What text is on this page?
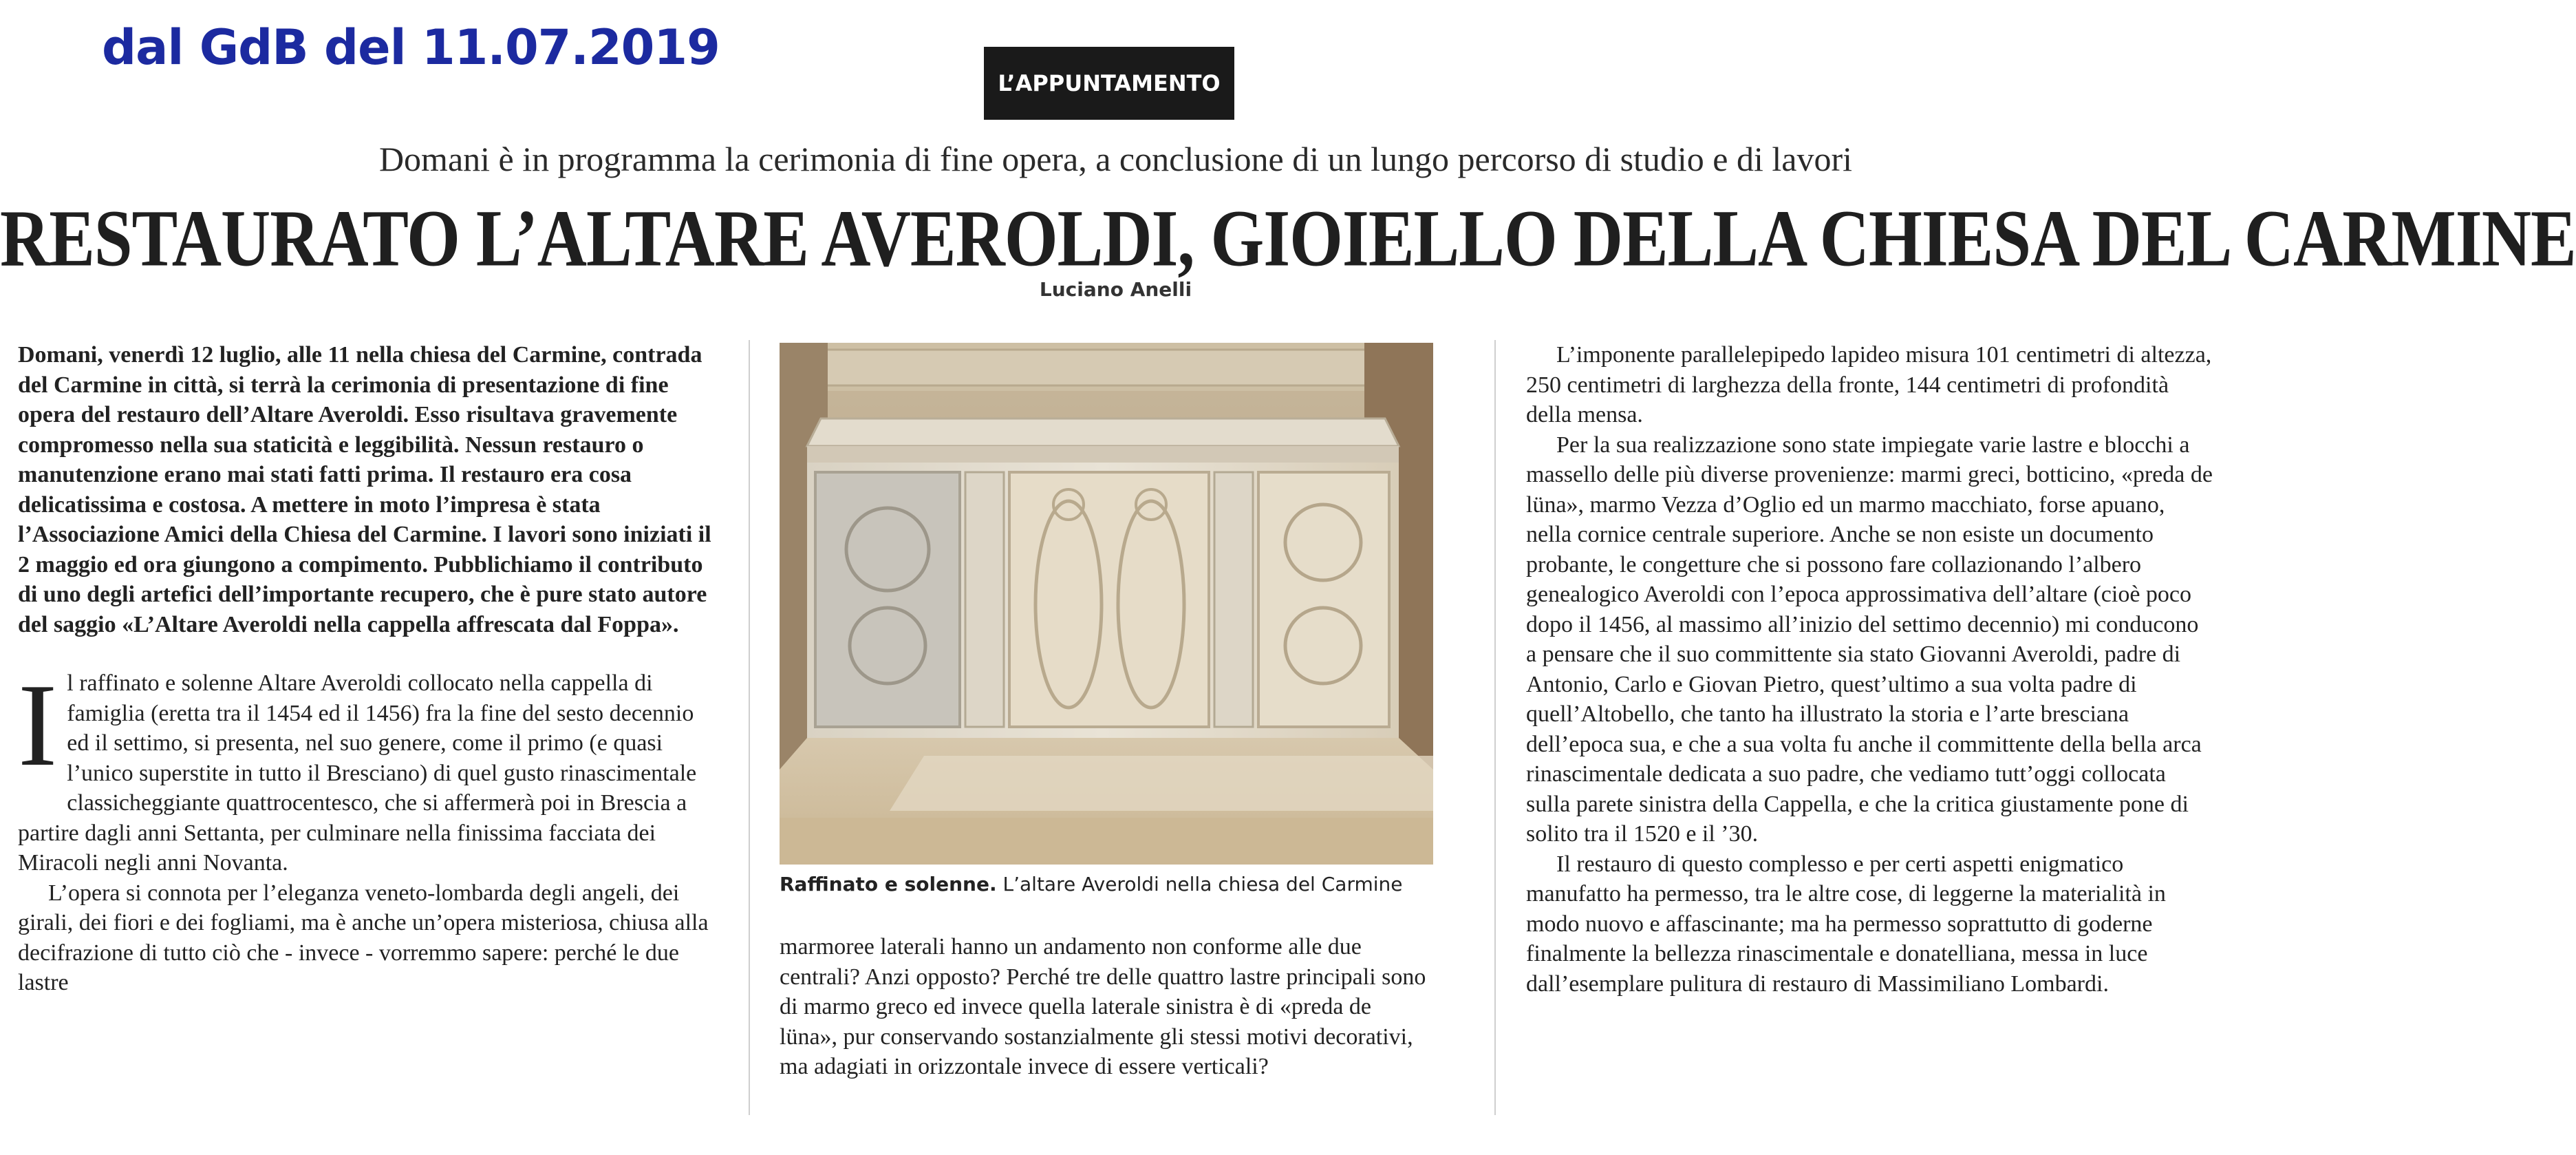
dal GdB del 11.07.2019
L’APPUNTAMENTO
Domani è in programma la cerimonia di fine opera, a conclusione di un lungo percorso di studio e di lavori
RESTAURATO L’ALTARE AVEROLDI, GIOIELLO DELLA CHIESA DEL CARMINE
Luciano Anelli

Domani, venerdì 12 luglio, alle 11 nella chiesa del Carmine, contrada del Carmine in città, si terrà la cerimonia di presentazione di fine opera del restauro dell’Altare Averoldi. Esso risultava gravemente compromesso nella sua staticità e leggibilità. Nessun restauro o manutenzione erano mai stati fatti prima. Il restauro era cosa delicatissima e costosa. A mettere in moto l’impresa è stata l’Associazione Amici della Chiesa del Carmine. I lavori sono iniziati il 2 maggio ed ora giungono a compimento. Pubblichiamo il contributo di uno degli artefici dell’importante recupero, che è pure stato autore del saggio «L’Altare Averoldi nella cappella affrescata dal Foppa».

I l raffinato e solenne Altare Averoldi collocato nella cappella di famiglia (eretta tra il 1454 ed il 1456) fra la fine del sesto decennio ed il settimo, si presenta, nel suo genere, come il primo (e quasi l’unico superstite in tutto il Bresciano) di quel gusto rinascimentale classicheggiante quattrocentesco, che si affermerà poi in Brescia a partire dagli anni Settanta, per culminare nella finissima facciata dei Miracoli negli anni Novanta.

L’opera si connota per l’eleganza veneto-lombarda degli angeli, dei girali, dei fiori e dei fogliami, ma è anche un’opera misteriosa, chiusa alla decifrazione di tutto ciò che - invece - vorremmo sapere: perché le due lastre

Raffinato e solenne. L’altare Averoldi nella chiesa del Carmine

marmoree laterali hanno un andamento non conforme alle due centrali? Anzi opposto? Perché tre delle quattro lastre principali sono di marmo greco ed invece quella laterale sinistra è di «preda de lüna», pur conservando sostanzialmente gli stessi motivi decorativi, ma adagiati in orizzontale invece di essere verticali?

L’imponente parallelepipedo lapideo misura 101 centimetri di altezza, 250 centimetri di larghezza della fronte, 144 centimetri di profondità della mensa.

Per la sua realizzazione sono state impiegate varie lastre e blocchi a massello delle più diverse provenienze: marmi greci, botticino, «preda de lüna», marmo Vezza d’Oglio ed un marmo macchiato, forse apuano, nella cornice centrale superiore. Anche se non esiste un documento probante, le congetture che si possono fare collazionando l’albero genealogico Averoldi con l’epoca approssimativa dell’altare (cioè poco dopo il 1456, al massimo all’inizio del settimo decennio) mi conducono a pensare che il suo committente sia stato Giovanni Averoldi, padre di Antonio, Carlo e Giovan Pietro, quest’ultimo a sua volta padre di quell’Altobello, che tanto ha illustrato la storia e l’arte bresciana dell’epoca sua, e che a sua volta fu anche il committente della bella arca rinascimentale dedicata a suo padre, che vediamo tutt’oggi collocata sulla parete sinistra della Cappella, e che la critica giustamente pone di solito tra il 1520 e il ’30.

Il restauro di questo complesso e per certi aspetti enigmatico manufatto ha permesso, tra le altre cose, di leggerne la materialità in modo nuovo e affascinante; ma ha permesso soprattutto di goderne finalmente la bellezza rinascimentale e donatelliana, messa in luce dall’esemplare pulitura di restauro di Massimiliano Lombardi.
